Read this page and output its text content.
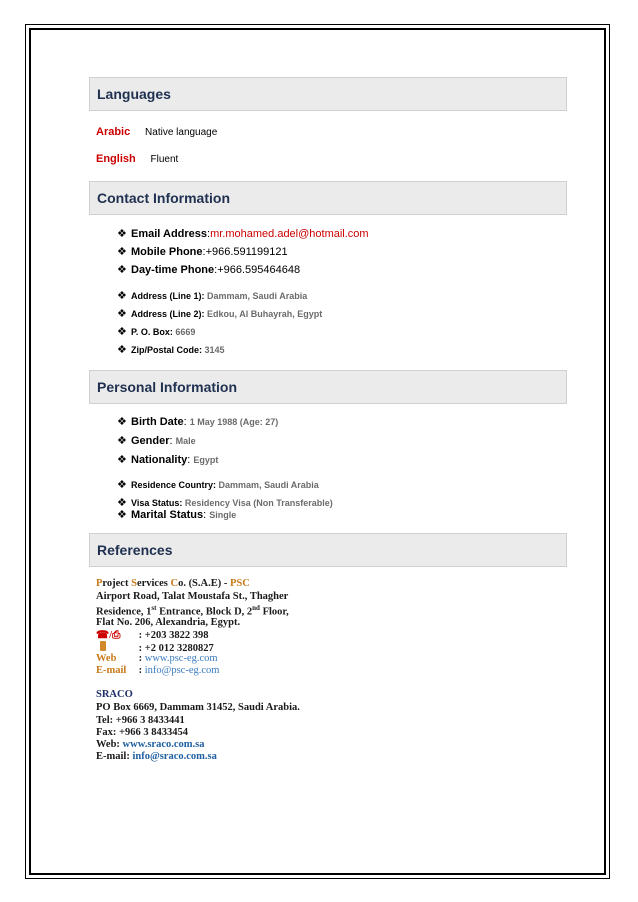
Languages
Arabic Native language
English Fluent
Contact Information
❖ Email Address : mr.mohamed.adel@hotmail.com
❖ Mobile Phone : +966.591199121
❖ Day-time Phone : +966.595464648
❖ Address (Line 1):
Dammam, Saudi Arabia
❖ Address (Line 2):
Edkou, Al Buhayrah, Egypt
❖ P. O. Box:
6669
❖ Zip/Postal Code:
3145
Personal Information
❖ Birth Date : 1 May 1988 (Age: 27)
❖ Gender : Male
❖ Nationality : Egypt
❖ Residence Country:
Dammam, Saudi Arabia
❖ Visa Status:
Residency Visa (Non Transferable)
❖ Marital Status : Single
References
Project Services Co. (S.A.E) - PSC
Airport Road, Talat Moustafa St., Thagher
Residence, 1st Entrance, Block D, 2nd Floor,
Flat No. 206, Alexandria, Egypt.
☎/⎙ : +203 3822 398
: +2 012 3280827
Web : www.psc-eg.com
E-mail : info@psc-eg.com
SRACO
PO Box 6669, Dammam 31452, Saudi Arabia.
Tel: +966 3 8433441
Fax: +966 3 8433454
Web: www.sraco.com.sa
E-mail: info@sraco.com.sa
